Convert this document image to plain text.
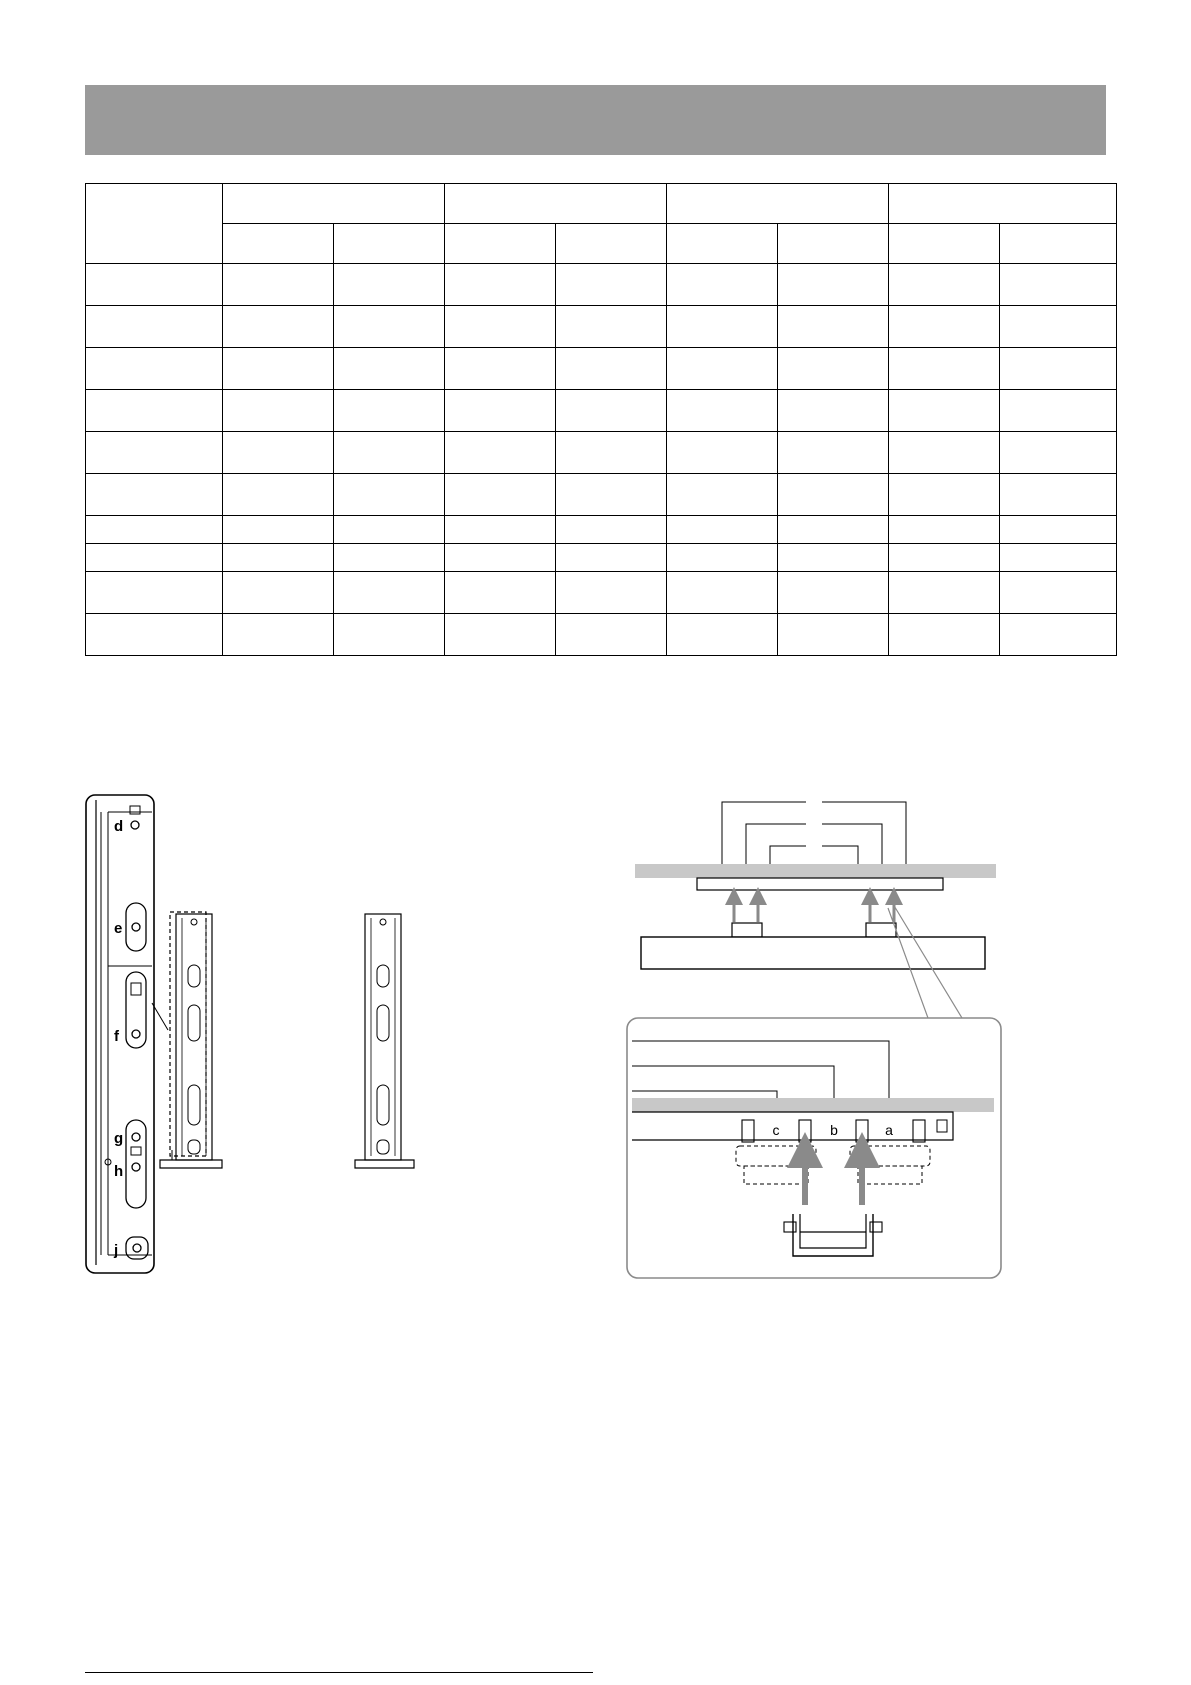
d
e
f
g
h
j
c	b	a
